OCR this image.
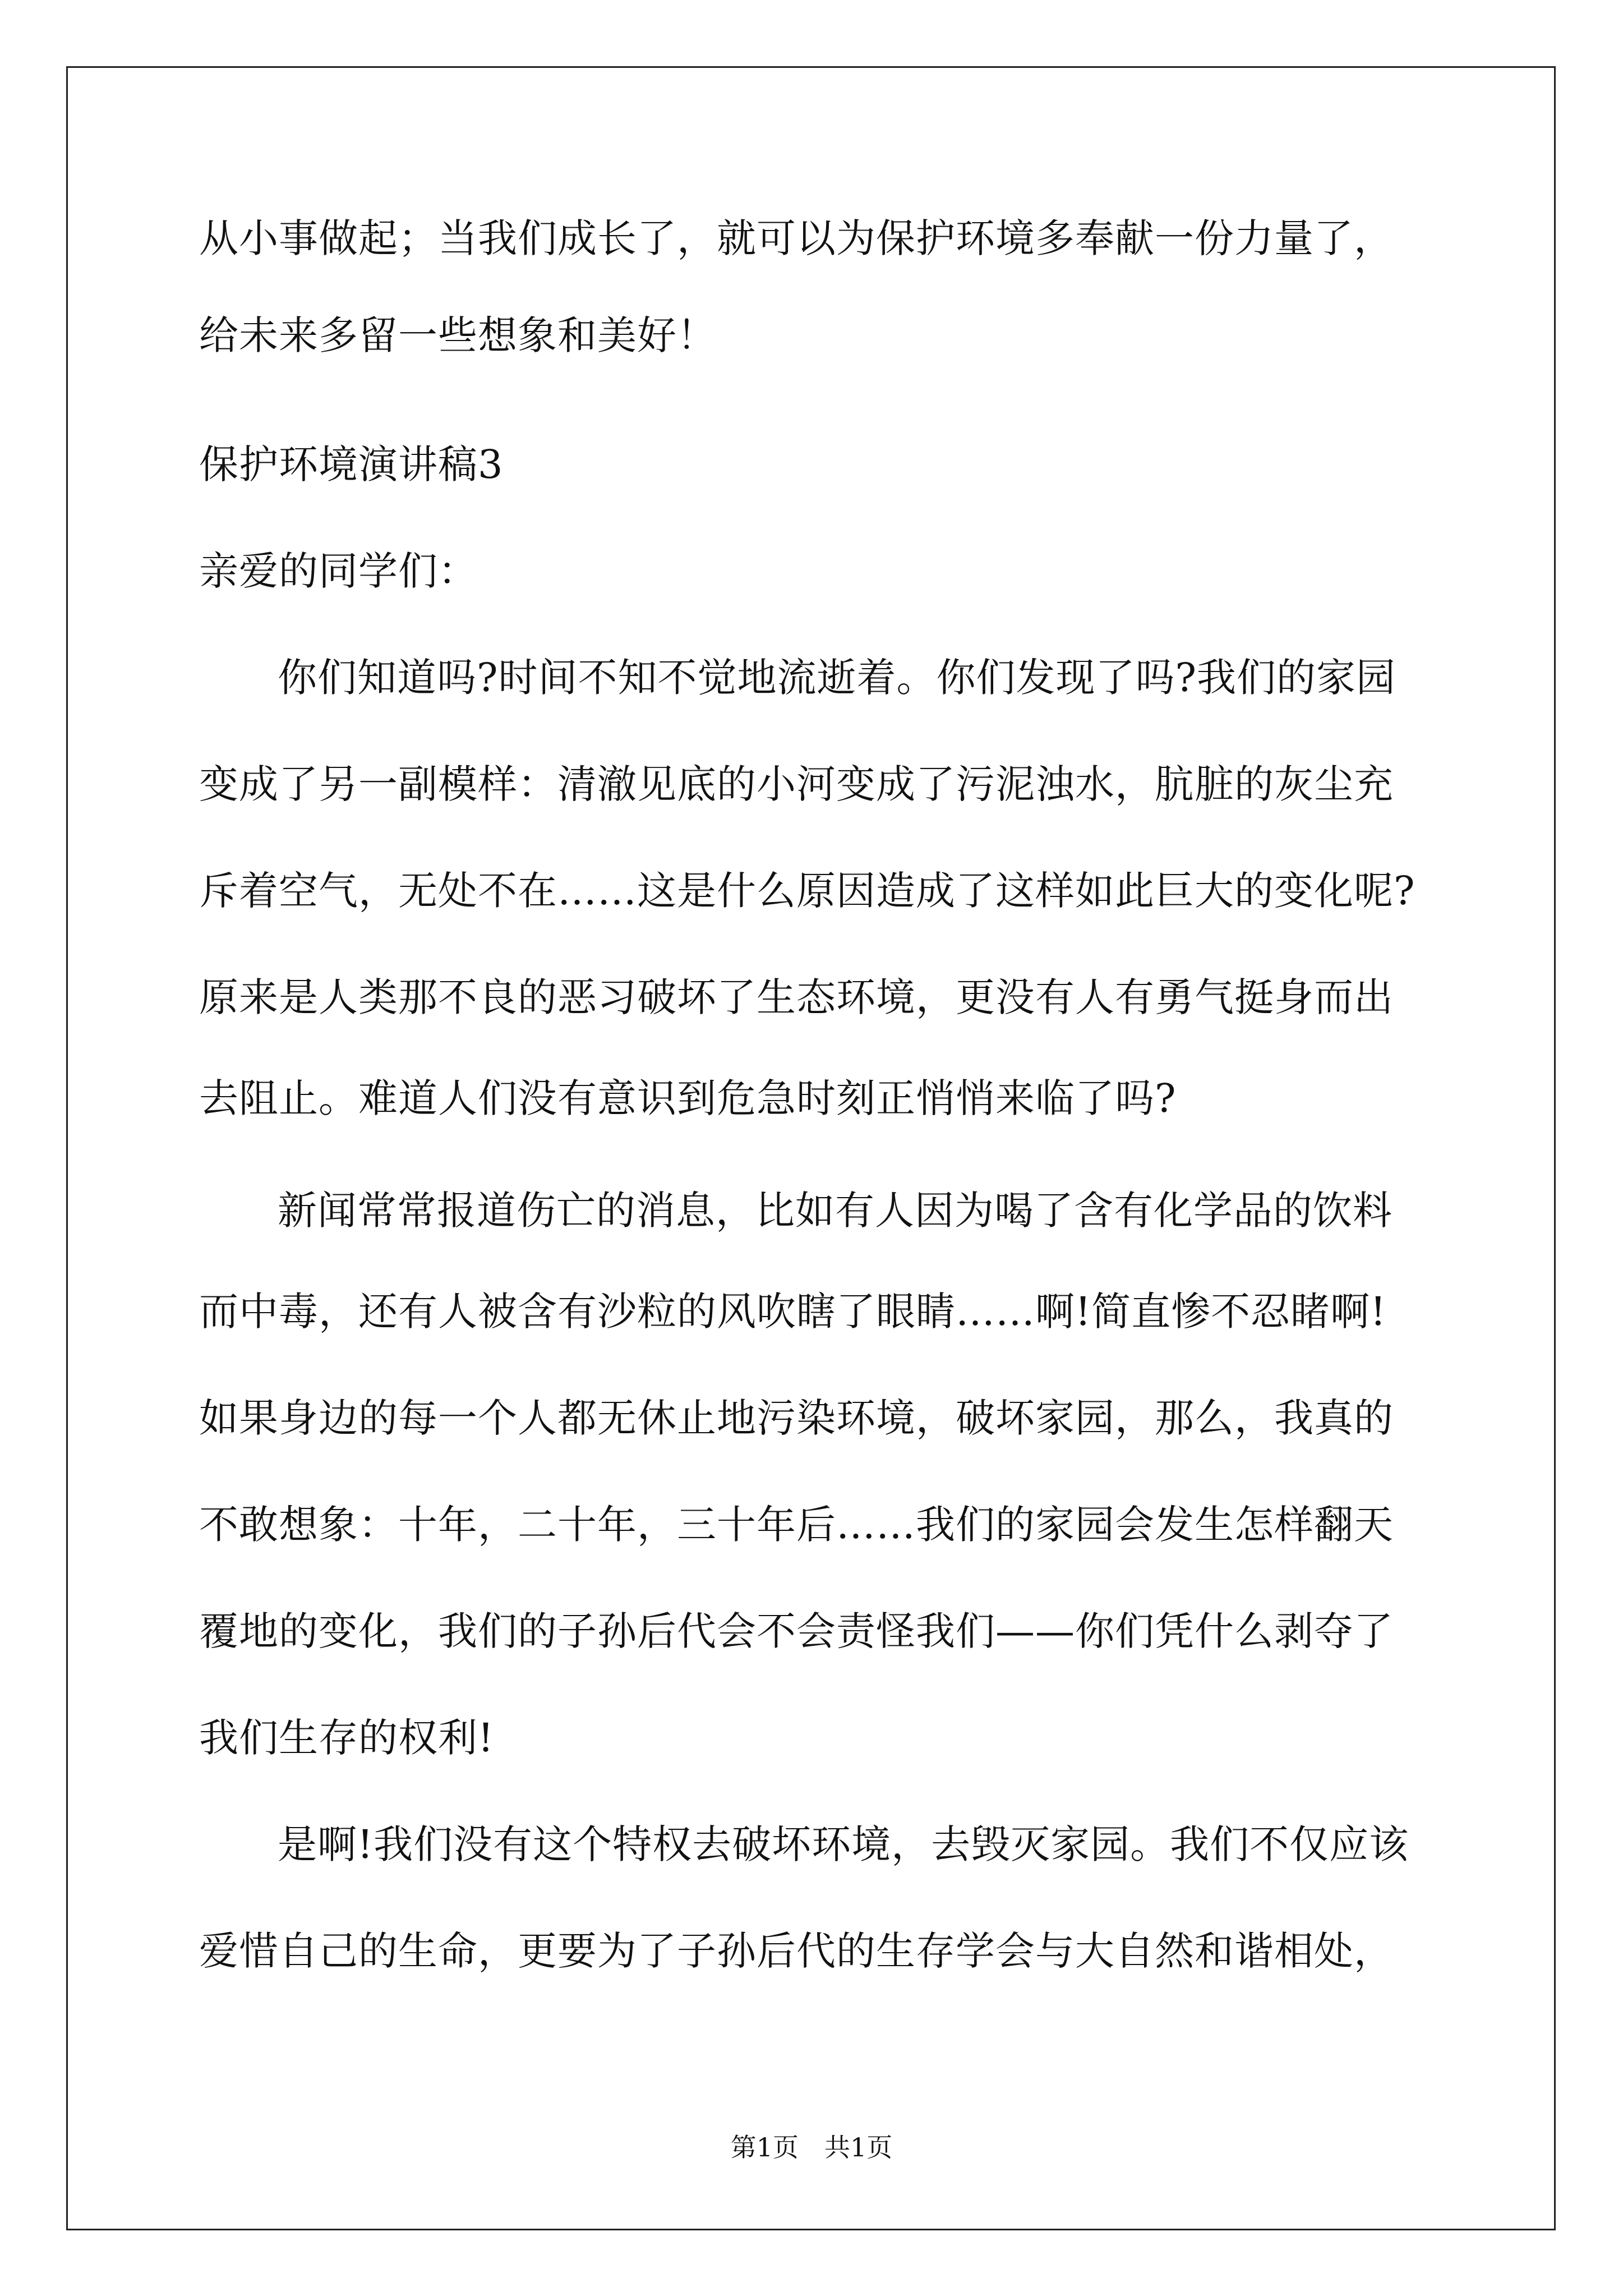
从小事做起；当我们成长了，就可以为保护环境多奉献一份力量了，
给未来多留一些想象和美好！
保护环境演讲稿3
亲爱的同学们：
你们知道吗?时间不知不觉地流逝着。你们发现了吗?我们的家园
变成了另一副模样：清澈见底的小河变成了污泥浊水，肮脏的灰尘充
斥着空气，无处不在……这是什么原因造成了这样如此巨大的变化呢?
原来是人类那不良的恶习破坏了生态环境，更没有人有勇气挺身而出
去阻止。难道人们没有意识到危急时刻正悄悄来临了吗?
新闻常常报道伤亡的消息，比如有人因为喝了含有化学品的饮料
而中毒，还有人被含有沙粒的风吹瞎了眼睛……啊!简直惨不忍睹啊!
如果身边的每一个人都无休止地污染环境，破坏家园，那么，我真的
不敢想象：十年，二十年，三十年后……我们的家园会发生怎样翻天
覆地的变化，我们的子孙后代会不会责怪我们——你们凭什么剥夺了
我们生存的权利!
是啊!我们没有这个特权去破坏环境，去毁灭家园。我们不仅应该
爱惜自己的生命，更要为了子孙后代的生存学会与大自然和谐相处，
第1页　共1页
